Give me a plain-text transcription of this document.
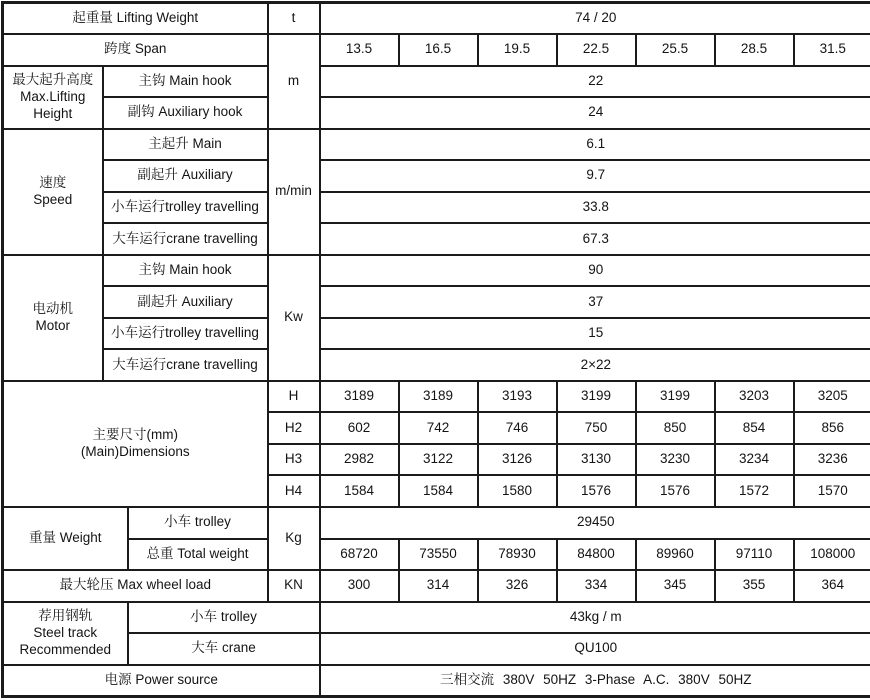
起重量 Lifting Weight			t	74 / 20						
跨度 Span			m	13.5	16.5	19.5	22.5	25.5	28.5	31.5

最大起升高度
Max.Lifting
Height	主钩 Main hook			22						
	副钩 Auxiliary hook			24						

速度
Speed	主起升 Main		m/min	6.1						
	副起升 Auxiliary			9.7						
	小车运行trolley travelling			33.8						
	大车运行crane travelling			67.3						

电动机
Motor	主钩 Main hook		Kw	90						
	副起升 Auxiliary			37						
	小车运行trolley travelling			15						
	大车运行crane travelling			2×22						

主要尺寸(mm)
(Main)Dimensions			H	3189	3189	3193	3199	3199	3203	3205
			H2	602	742	746	750	850	854	856
			H3	2982	3122	3126	3130	3230	3234	3236
			H4	1584	1584	1580	1576	1576	1572	1570
重量 Weight		小车 trolley	Kg	29450						
		总重 Total weight		68720	73550	78930	84800	89960	97110	108000
最大轮压 Max wheel load			KN	300	314	326	334	345	355	364

荐用钢轨
Steel track
Recommended		小车 trolley		43kg / m						
		大车 crane		QU100						
电源 Power source				三相交流 380V 50HZ 3-Phase A.C. 380V 50HZ						
